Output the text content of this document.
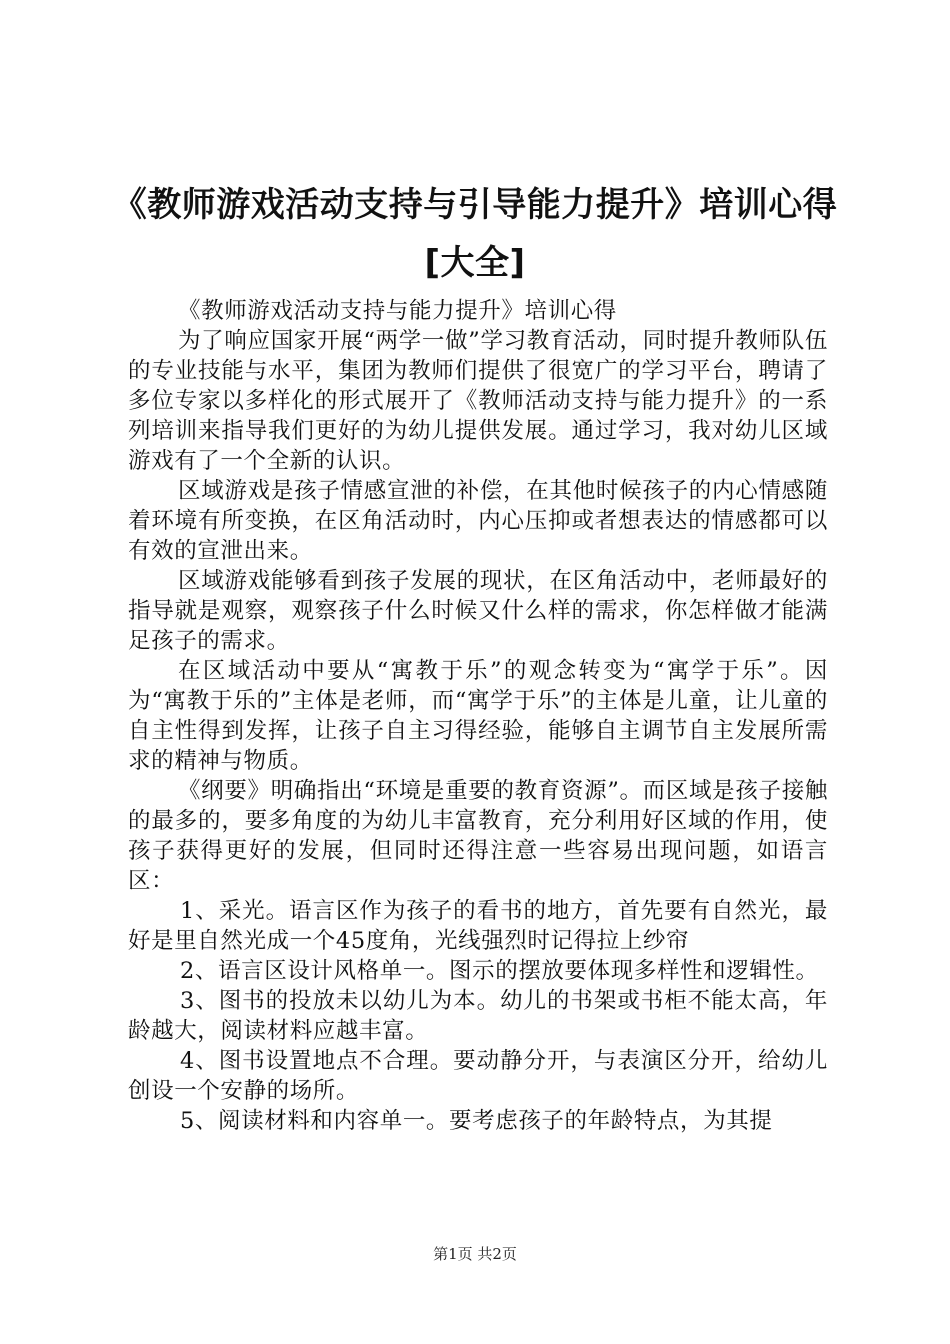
《教师游戏活动支持与引导能力提升》培训心得[大全]

《教师游戏活动支持与能力提升》培训心得

为了响应国家开展“两学一做”学习教育活动，同时提升教师队伍的专业技能与水平，集团为教师们提供了很宽广的学习平台，聘请了多位专家以多样化的形式展开了《教师活动支持与能力提升》的一系列培训来指导我们更好的为幼儿提供发展。通过学习，我对幼儿区域游戏有了一个全新的认识。

区域游戏是孩子情感宣泄的补偿，在其他时候孩子的内心情感随着环境有所变换，在区角活动时，内心压抑或者想表达的情感都可以有效的宣泄出来。

区域游戏能够看到孩子发展的现状，在区角活动中，老师最好的指导就是观察，观察孩子什么时候又什么样的需求，你怎样做才能满足孩子的需求。

在区域活动中要从“寓教于乐”的观念转变为“寓学于乐”。因为“寓教于乐的”主体是老师，而“寓学于乐”的主体是儿童，让儿童的自主性得到发挥，让孩子自主习得经验，能够自主调节自主发展所需求的精神与物质。

《纲要》明确指出“环境是重要的教育资源”。而区域是孩子接触的最多的，要多角度的为幼儿丰富教育，充分利用好区域的作用，使孩子获得更好的发展，但同时还得注意一些容易出现问题，如语言区：

1、采光。语言区作为孩子的看书的地方，首先要有自然光，最好是里自然光成一个45度角，光线强烈时记得拉上纱帘

2、语言区设计风格单一。图示的摆放要体现多样性和逻辑性。

3、图书的投放未以幼儿为本。幼儿的书架或书柜不能太高，年龄越大，阅读材料应越丰富。

4、图书设置地点不合理。要动静分开，与表演区分开，给幼儿创设一个安静的场所。

5、阅读材料和内容单一。要考虑孩子的年龄特点，为其提

第1页 共2页
